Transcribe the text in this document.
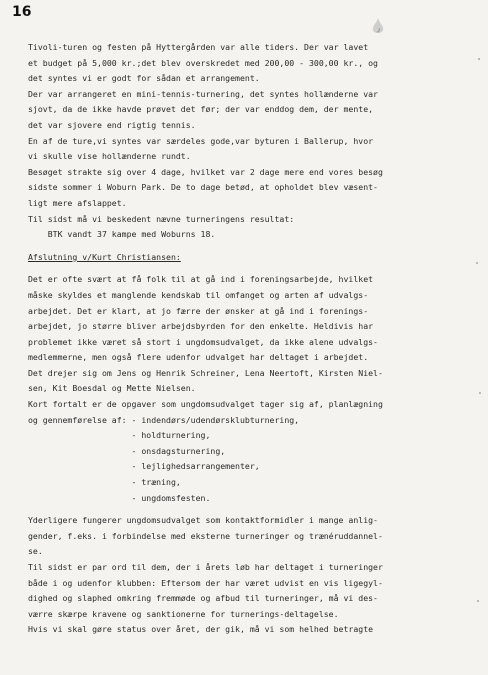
16
Tivoli-turen og festen på Hyttergården var alle tiders. Der var lavet
et budget på 5,000 kr.;det blev overskredet med 200,00 - 300,00 kr., og
det syntes vi er godt for sådan et arrangement.
Der var arrangeret en mini-tennis-turnering, det syntes hollænderne var
sjovt, da de ikke havde prøvet det før; der var enddog dem, der mente,
det var sjovere end rigtig tennis.
En af de ture,vi syntes var særdeles gode,var byturen i Ballerup, hvor
vi skulle vise hollænderne rundt.
Besøget strakte sig over 4 dage, hvilket var 2 dage mere end vores besøg
sidste sommer i Woburn Park. De to dage betød, at opholdet blev væsent-
ligt mere afslappet.
Til sidst må vi beskedent nævne turneringens resultat:
BTK vandt 37 kampe med Woburns 18.
Afslutning v/Kurt Christiansen:
Det er ofte svært at få folk til at gå ind i foreningsarbejde, hvilket
måske skyldes et manglende kendskab til omfanget og arten af udvalgs-
arbejdet. Det er klart, at jo færre der ønsker at gå ind i forenings-
arbejdet, jo større bliver arbejdsbyrden for den enkelte. Heldivis har
problemet ikke været så stort i ungdomsudvalget, da ikke alene udvalgs-
medlemmerne, men også flere udenfor udvalget har deltaget i arbejdet.
Det drejer sig om Jens og Henrik Schreiner, Lena Neertoft, Kirsten Niel-
sen, Kit Boesdal og Mette Nielsen.
Kort fortalt er de opgaver som ungdomsudvalget tager sig af, planlægning
og gennemførelse af: - indendørs/udendørsklubturnering,
- holdturnering,
- onsdagsturnering,
- lejlighedsarrangementer,
- træning,
- ungdomsfesten.
Yderligere fungerer ungdomsudvalget som kontaktformidler i mange anlig-
gender, f.eks. i forbindelse med eksterne turneringer og trænéruddannel-
se.
Til sidst er par ord til dem, der i årets løb har deltaget i turneringer
både i og udenfor klubben: Eftersom der har været udvist en vis ligegyl-
dighed og slaphed omkring fremmøde og afbud til turneringer, må vi des-
værre skærpe kravene og sanktionerne for turnerings-deltagelse.
Hvis vi skal gøre status over året, der gik, må vi som helhed betragte
